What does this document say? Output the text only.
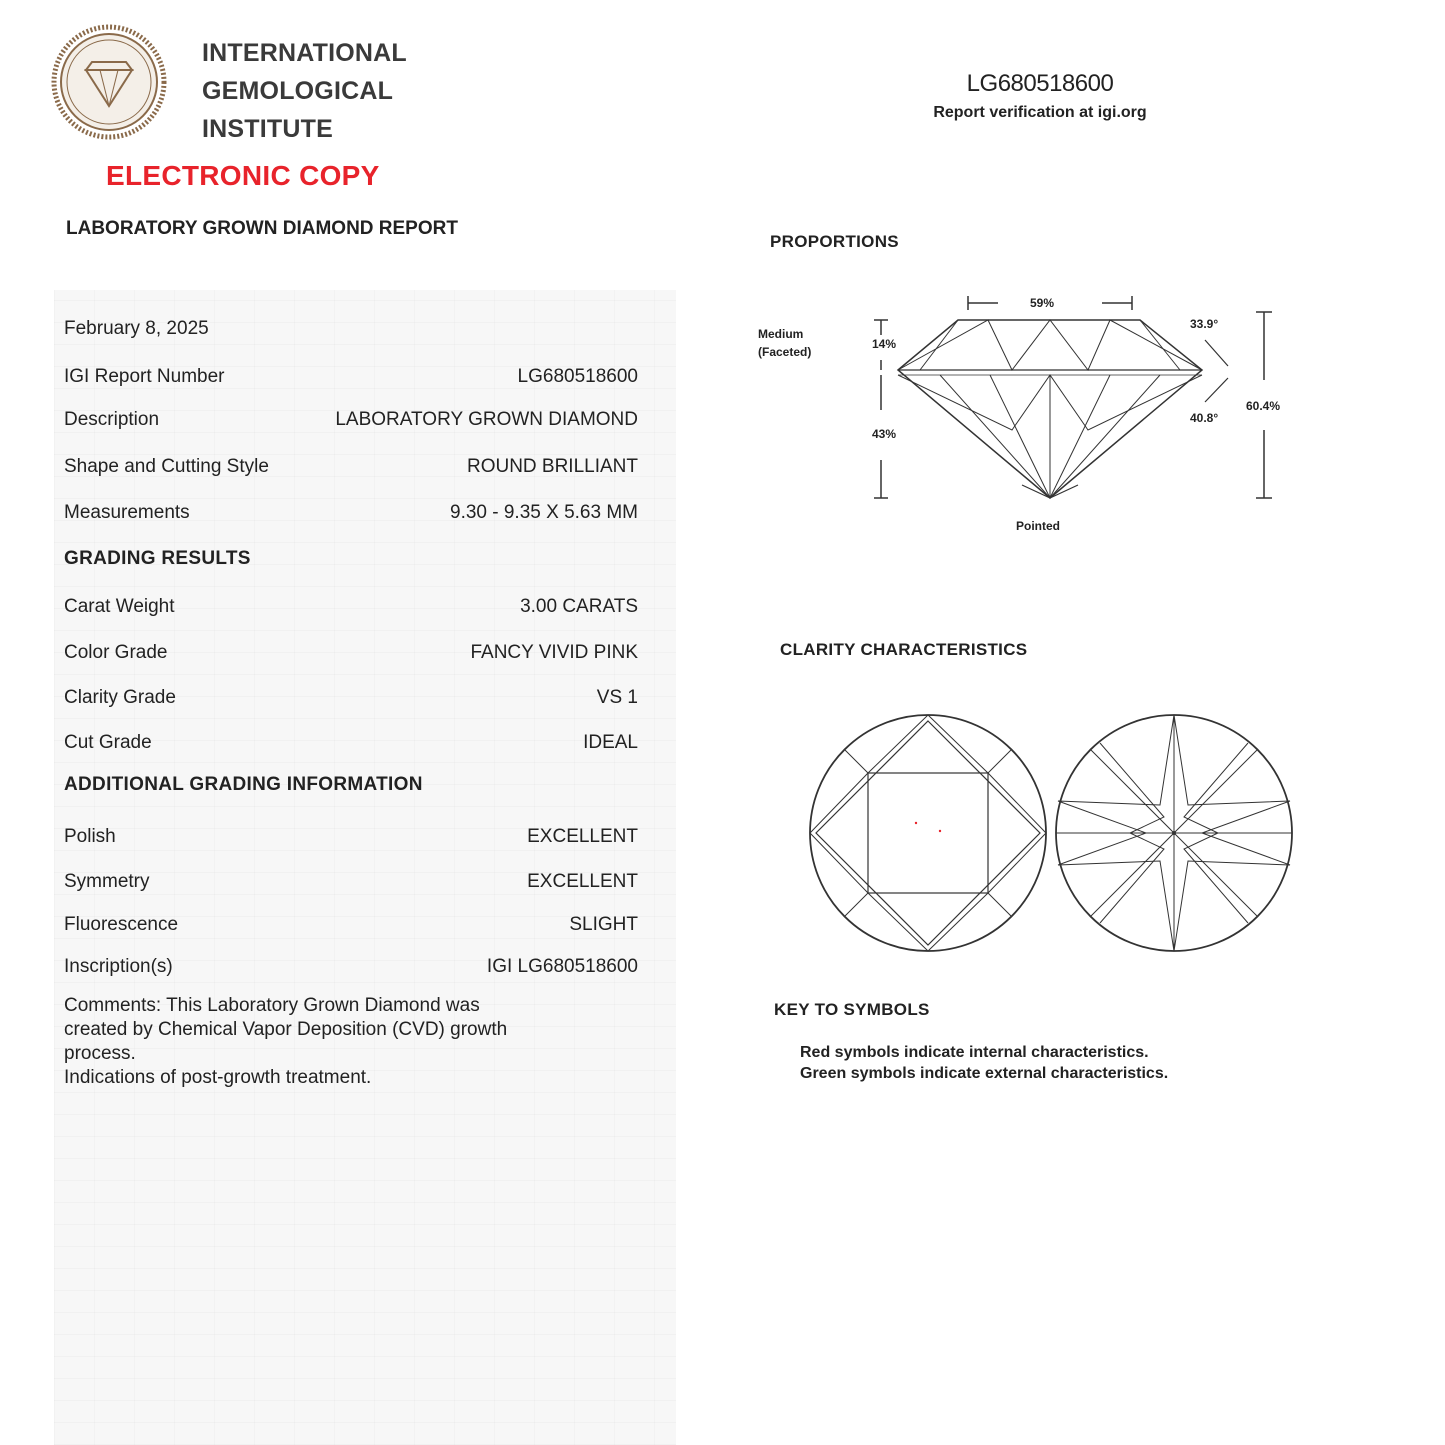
INTERNATIONAL
GEMOLOGICAL
INSTITUTE
ELECTRONIC COPY
LABORATORY GROWN DIAMOND REPORT
LG680518600
Report verification at igi.org
February 8, 2025
IGI Report Number	LG680518600
Description	LABORATORY GROWN DIAMOND
Shape and Cutting Style	ROUND BRILLIANT
Measurements	9.30 - 9.35 X 5.63 MM
GRADING RESULTS
Carat Weight	3.00 CARATS
Color Grade	FANCY VIVID PINK
Clarity Grade	VS 1
Cut Grade	IDEAL
ADDITIONAL GRADING INFORMATION
Polish	EXCELLENT
Symmetry	EXCELLENT
Fluorescence	SLIGHT
Inscription(s)	IGI LG680518600
Comments: This Laboratory Grown Diamond was
created by Chemical Vapor Deposition (CVD) growth
process.
Indications of post-growth treatment.
PROPORTIONS
59%
14%
43%
Medium
(Faceted)
33.9°
40.8°
60.4%
Pointed
CLARITY CHARACTERISTICS
KEY TO SYMBOLS
Red symbols indicate internal characteristics.
Green symbols indicate external characteristics.
